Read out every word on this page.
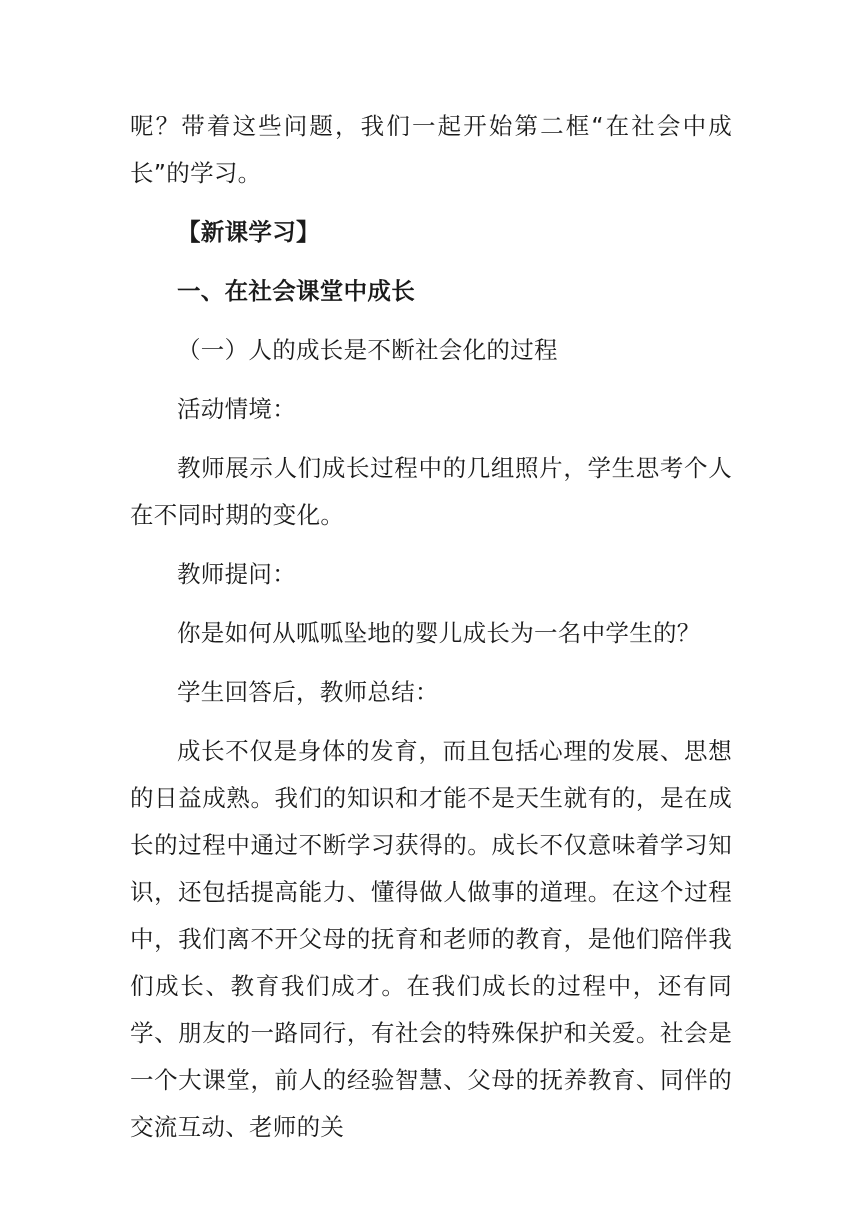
呢？带着这些问题，我们一起开始第二框“在社会中成长”的学习。

【新课学习】

一、在社会课堂中成长

（一）人的成长是不断社会化的过程

活动情境：

教师展示人们成长过程中的几组照片，学生思考个人在不同时期的变化。

教师提问：

你是如何从呱呱坠地的婴儿成长为一名中学生的？

学生回答后，教师总结：

成长不仅是身体的发育，而且包括心理的发展、思想的日益成熟。我们的知识和才能不是天生就有的，是在成长的过程中通过不断学习获得的。成长不仅意味着学习知识，还包括提高能力、懂得做人做事的道理。在这个过程中，我们离不开父母的抚育和老师的教育，是他们陪伴我们成长、教育我们成才。在我们成长的过程中，还有同学、朋友的一路同行，有社会的特殊保护和关爱。社会是一个大课堂，前人的经验智慧、父母的抚养教育、同伴的交流互动、老师的关
